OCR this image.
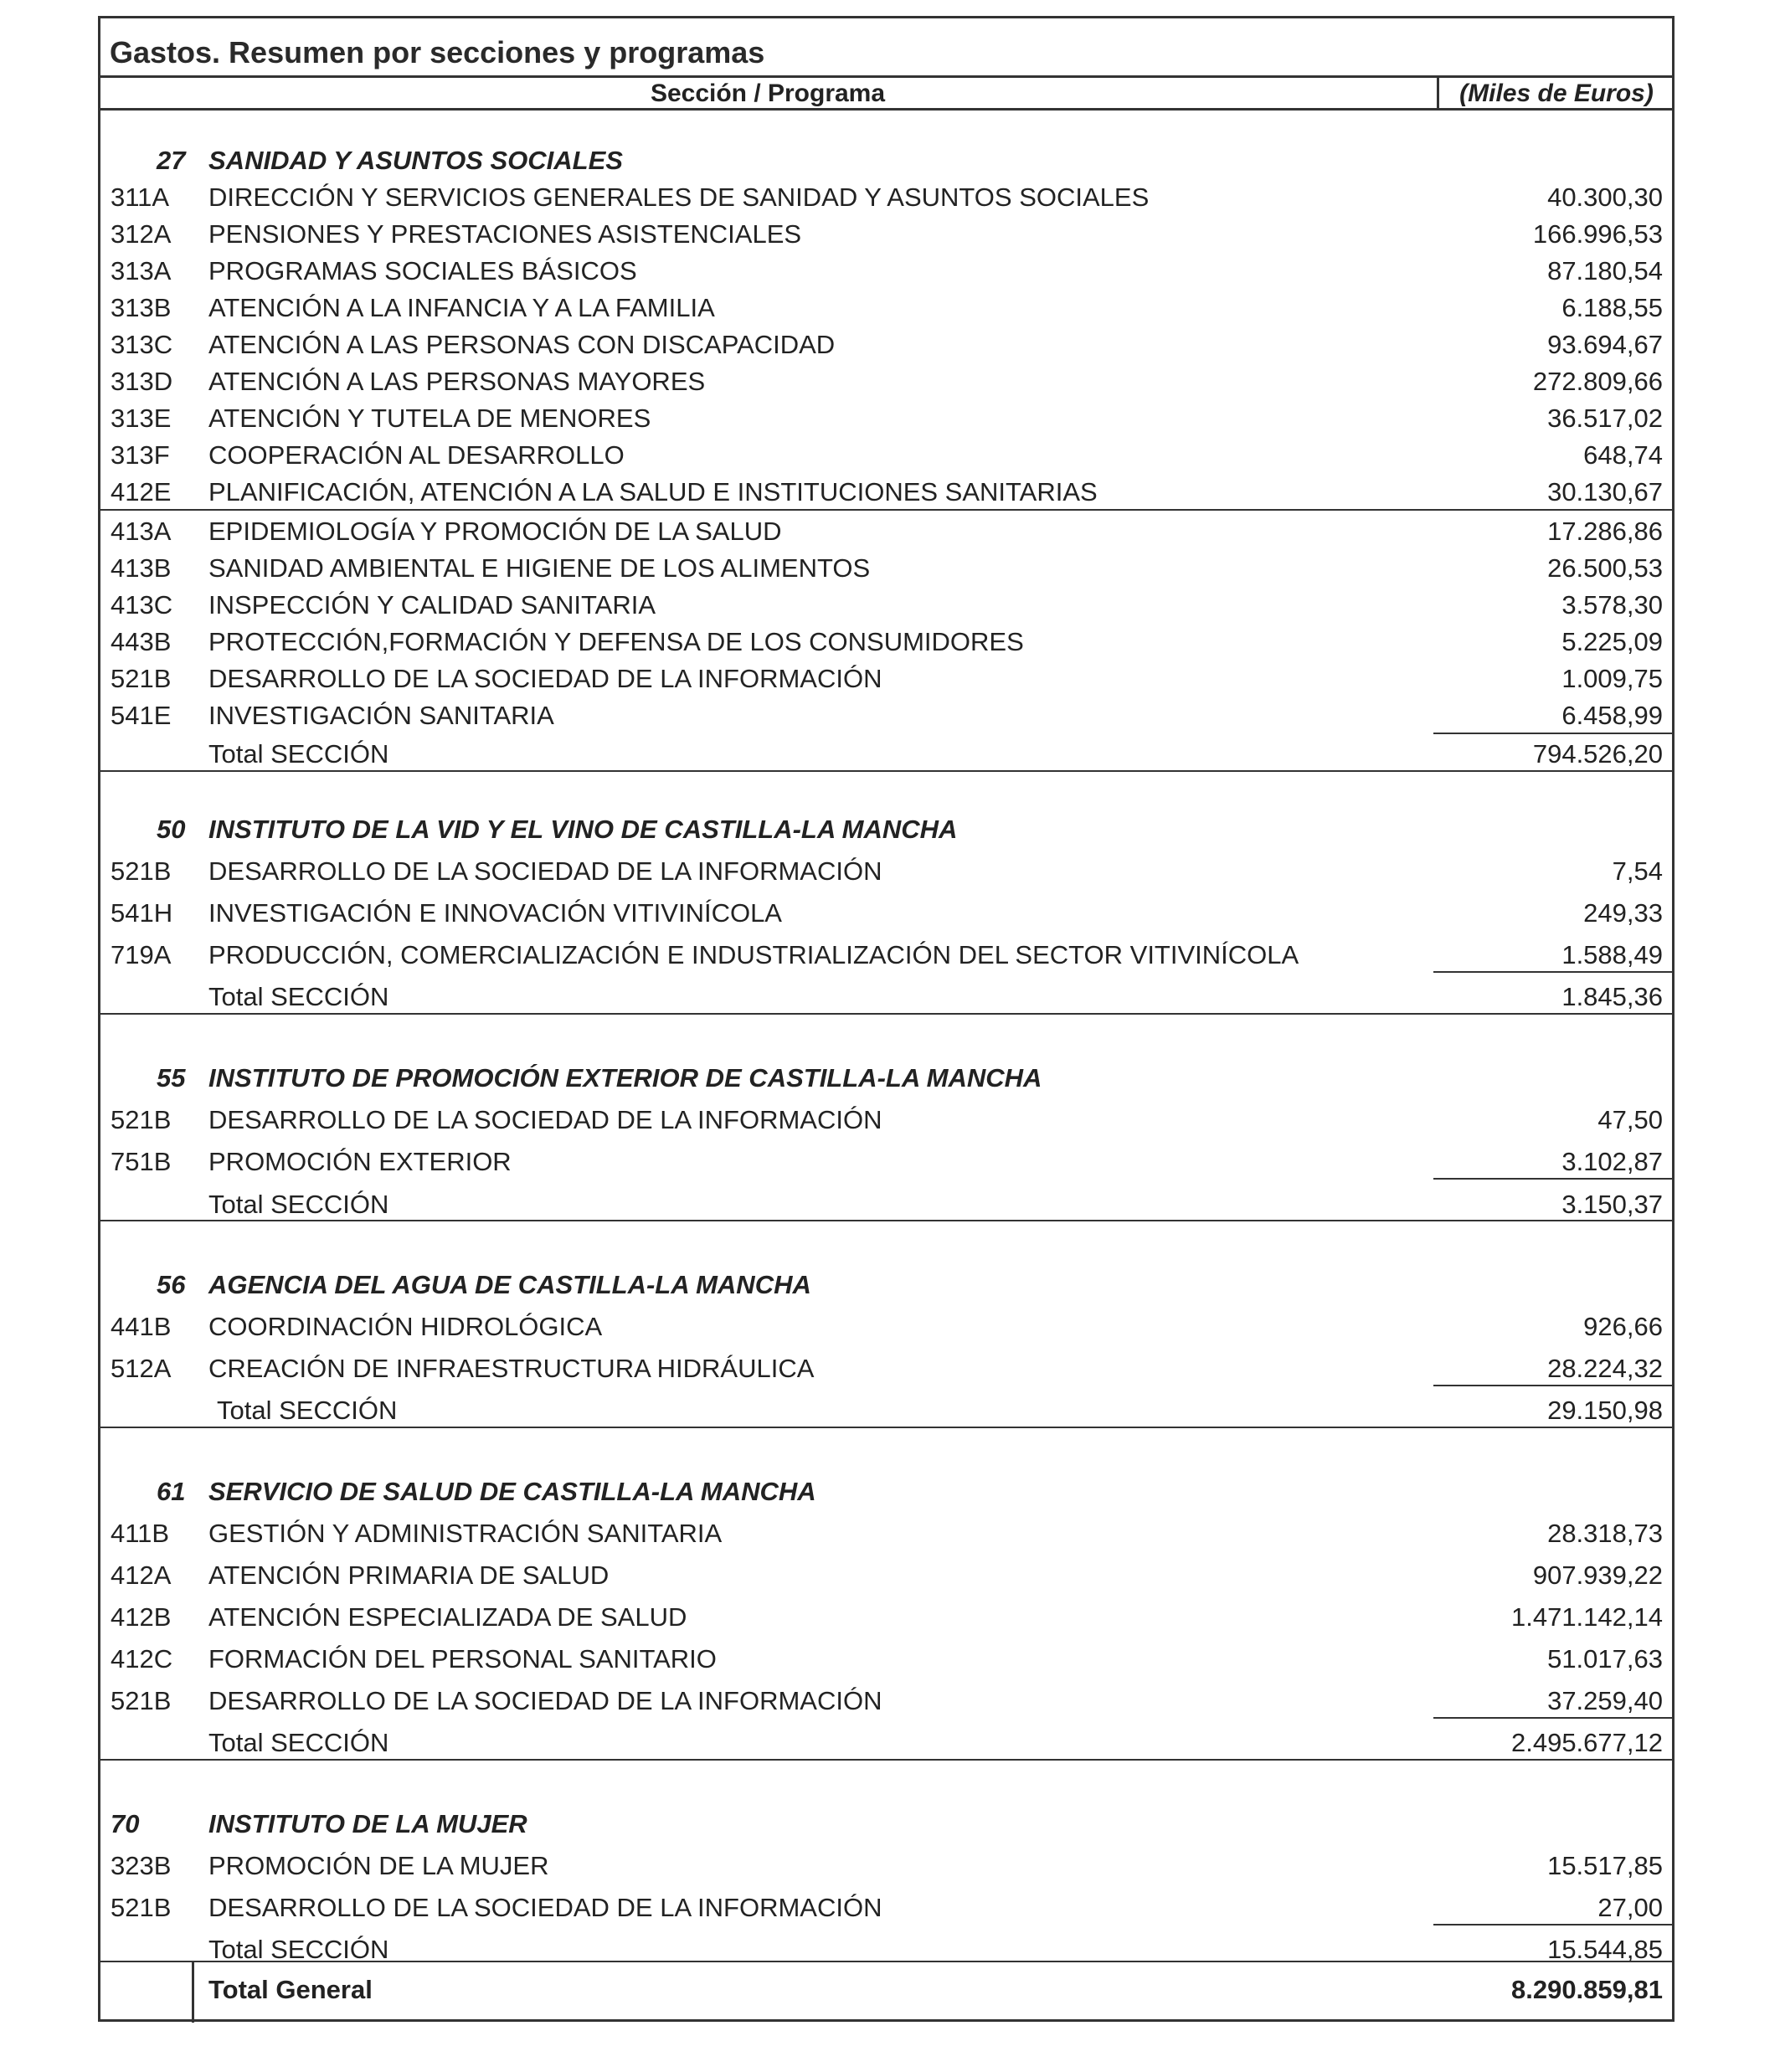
Gastos. Resumen por secciones y programas
Sección / Programa	(Miles de Euros)
27 SANIDAD Y ASUNTOS SOCIALES
311A DIRECCIÓN Y SERVICIOS GENERALES DE SANIDAD Y ASUNTOS SOCIALES	40.300,30
312A PENSIONES Y PRESTACIONES ASISTENCIALES	166.996,53
313A PROGRAMAS SOCIALES BÁSICOS	87.180,54
313B ATENCIÓN A LA INFANCIA Y A LA FAMILIA	6.188,55
313C ATENCIÓN A LAS PERSONAS CON DISCAPACIDAD	93.694,67
313D ATENCIÓN A LAS PERSONAS MAYORES	272.809,66
313E ATENCIÓN Y TUTELA DE MENORES	36.517,02
313F COOPERACIÓN AL DESARROLLO	648,74
412E PLANIFICACIÓN, ATENCIÓN A LA SALUD E INSTITUCIONES SANITARIAS	30.130,67
413A EPIDEMIOLOGÍA Y PROMOCIÓN DE LA SALUD	17.286,86
413B SANIDAD AMBIENTAL E HIGIENE DE LOS ALIMENTOS	26.500,53
413C INSPECCIÓN Y CALIDAD SANITARIA	3.578,30
443B PROTECCIÓN,FORMACIÓN Y DEFENSA DE LOS CONSUMIDORES	5.225,09
521B DESARROLLO DE LA SOCIEDAD DE LA INFORMACIÓN	1.009,75
541E INVESTIGACIÓN SANITARIA	6.458,99
Total SECCIÓN	794.526,20
50 INSTITUTO DE LA VID Y EL VINO DE CASTILLA-LA MANCHA
521B DESARROLLO DE LA SOCIEDAD DE LA INFORMACIÓN	7,54
541H INVESTIGACIÓN E INNOVACIÓN VITIVINÍCOLA	249,33
719A PRODUCCIÓN, COMERCIALIZACIÓN E INDUSTRIALIZACIÓN DEL SECTOR VITIVINÍCOLA	1.588,49
Total SECCIÓN	1.845,36
55 INSTITUTO DE PROMOCIÓN EXTERIOR DE CASTILLA-LA MANCHA
521B DESARROLLO DE LA SOCIEDAD DE LA INFORMACIÓN	47,50
751B PROMOCIÓN EXTERIOR	3.102,87
Total SECCIÓN	3.150,37
56 AGENCIA DEL AGUA DE CASTILLA-LA MANCHA
441B COORDINACIÓN HIDROLÓGICA	926,66
512A CREACIÓN DE INFRAESTRUCTURA HIDRÁULICA	28.224,32
Total SECCIÓN	29.150,98
61 SERVICIO DE SALUD DE CASTILLA-LA MANCHA
411B GESTIÓN Y ADMINISTRACIÓN SANITARIA	28.318,73
412A ATENCIÓN PRIMARIA DE SALUD	907.939,22
412B ATENCIÓN ESPECIALIZADA DE SALUD	1.471.142,14
412C FORMACIÓN DEL PERSONAL SANITARIO	51.017,63
521B DESARROLLO DE LA SOCIEDAD DE LA INFORMACIÓN	37.259,40
Total SECCIÓN	2.495.677,12
70	INSTITUTO DE LA MUJER
323B PROMOCIÓN DE LA MUJER	15.517,85
521B DESARROLLO DE LA SOCIEDAD DE LA INFORMACIÓN	27,00
Total SECCIÓN	15.544,85
Total General	8.290.859,81
